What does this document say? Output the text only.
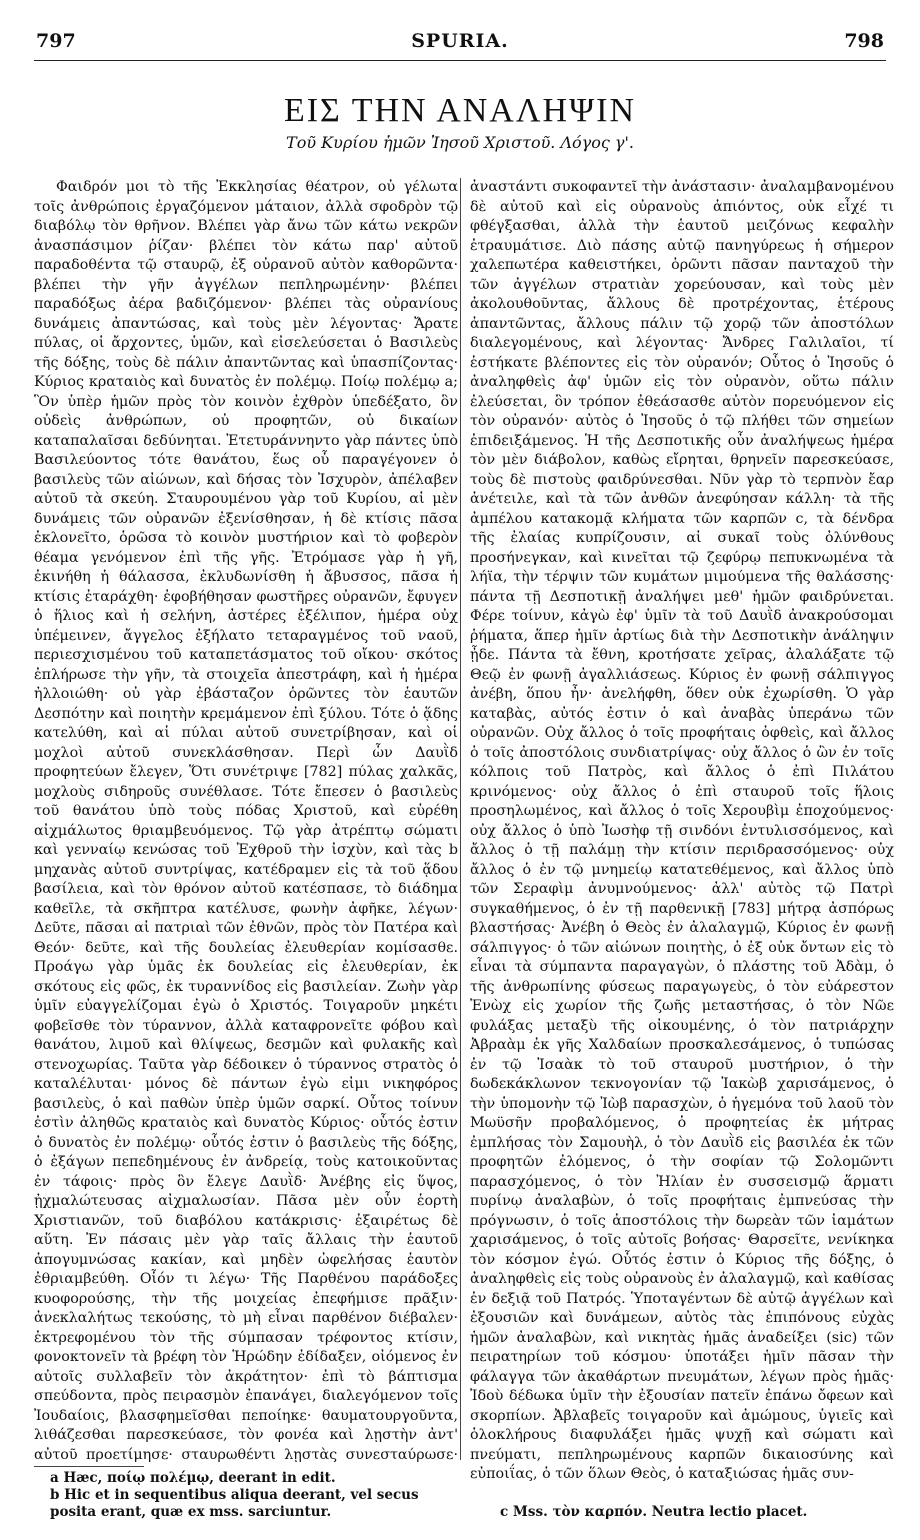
797	SPURIA.	798
ΕΙΣ ΤΗΝ ΑΝΑΛΗΨΙΝ
Τοῦ Κυρίου ἡμῶν Ἰησοῦ Χριστοῦ. Λόγος γ'.

Φαιδρόν μοι τὸ τῆς Ἐκκλησίας θέατρον, οὐ γέλωτα τοῖς ἀνθρώποις ἐργαζόμενον μάταιον, ἀλλὰ σφοδρὸν τῷ διαβόλῳ τὸν θρῆνον. Βλέπει γὰρ ἄνω τῶν κάτω νεκρῶν ἀνασπάσιμον ῥίζαν· βλέπει τὸν κάτω παρ' αὐτοῦ παραδοθέντα τῷ σταυρῷ, ἐξ οὐρανοῦ αὐτὸν καθορῶντα· βλέπει τὴν γῆν ἀγγέλων πεπληρωμένην· βλέπει παραδόξως ἀέρα βαδιζόμενον· βλέπει τὰς οὐρανίους δυνάμεις ἀπαντώσας, καὶ τοὺς μὲν λέγοντας· Ἄρατε πύλας, οἱ ἄρχοντες, ὑμῶν, καὶ εἰσελεύσεται ὁ Βασιλεὺς τῆς δόξης, τοὺς δὲ πάλιν ἀπαντῶντας καὶ ὑπασπίζοντας· Κύριος κραταιὸς καὶ δυνατὸς ἐν πολέμῳ. Ποίῳ πολέμῳ a; Ὃν ὑπὲρ ἡμῶν πρὸς τὸν κοινὸν ἐχθρὸν ὑπεδέξατο, ὃν οὐδεὶς ἀνθρώπων, οὐ προφητῶν, οὐ δικαίων καταπαλαῖσαι δεδύνηται. Ἐτετυράννηντο γὰρ πάντες ὑπὸ Βασιλεύοντος τότε θανάτου, ἕως οὗ παραγέγονεν ὁ βασιλεὺς τῶν αἰώνων, καὶ δήσας τὸν Ἰσχυρὸν, ἀπέλαβεν αὐτοῦ τὰ σκεύη. Σταυρουμένου γὰρ τοῦ Κυρίου, αἱ μὲν δυνάμεις τῶν οὐρανῶν ἐξενίσθησαν, ἡ δὲ κτίσις πᾶσα ἐκλονεῖτο, ὁρῶσα τὸ κοινὸν μυστήριον καὶ τὸ φοβερὸν θέαμα γενόμενον ἐπὶ τῆς γῆς. Ἐτρόμασε γὰρ ἡ γῆ, ἐκινήθη ἡ θάλασσα, ἐκλυδωνίσθη ἡ ἄβυσσος, πᾶσα ἡ κτίσις ἐταράχθη· ἐφοβήθησαν φωστῆρες οὐρανῶν, ἔφυγεν ὁ ἥλιος καὶ ἡ σελήνη, ἀστέρες ἐξέλιπον, ἡμέρα οὐχ ὑπέμεινεν, ἄγγελος ἐξήλατο τεταραγμένος τοῦ ναοῦ, περιεσχισμένου τοῦ καταπετάσματος τοῦ οἴκου· σκότος ἐπλήρωσε τὴν γῆν, τὰ στοιχεῖα ἀπεστράφη, καὶ ἡ ἡμέρα ἠλλοιώθη· οὐ γὰρ ἐβάσταζον ὁρῶντες τὸν ἑαυτῶν Δεσπότην καὶ ποιητὴν κρεμάμενον ἐπὶ ξύλου. Τότε ὁ ᾅδης κατελύθη, καὶ αἱ πύλαι αὐτοῦ συνετρίβησαν, καὶ οἱ μοχλοὶ αὐτοῦ συνεκλάσθησαν. Περὶ ὧν Δαυῒδ προφητεύων ἔλεγεν, Ὅτι συνέτριψε [782] πύλας χαλκᾶς, μοχλοὺς σιδηροῦς συνέθλασε. Τότε ἔπεσεν ὁ βασιλεὺς τοῦ θανάτου ὑπὸ τοὺς πόδας Χριστοῦ, καὶ εὑρέθη αἰχμάλωτος θριαμβευόμενος. Τῷ γὰρ ἀτρέπτῳ σώματι καὶ γενναίῳ κενώσας τοῦ Ἐχθροῦ τὴν ἰσχὺν, καὶ τὰς b μηχανὰς αὐτοῦ συντρίψας, κατέδραμεν εἰς τὰ τοῦ ᾅδου βασίλεια, καὶ τὸν θρόνον αὐτοῦ κατέσπασε, τὸ διάδημα καθεῖλε, τὰ σκῆπτρα κατέλυσε, φωνὴν ἀφῆκε, λέγων· Δεῦτε, πᾶσαι αἱ πατριαὶ τῶν ἐθνῶν, πρὸς τὸν Πατέρα καὶ Θεόν· δεῦτε, καὶ τῆς δουλείας ἐλευθερίαν κομίσασθε. Προάγω γὰρ ὑμᾶς ἐκ δουλείας εἰς ἐλευθερίαν, ἐκ σκότους εἰς φῶς, ἐκ τυραννίδος εἰς βασιλείαν. Ζωὴν γὰρ ὑμῖν εὐαγγελίζομαι ἐγὼ ὁ Χριστός. Τοιγαροῦν μηκέτι φοβεῖσθε τὸν τύραννον, ἀλλὰ καταφρονεῖτε φόβου καὶ θανάτου, λιμοῦ καὶ θλίψεως, δεσμῶν καὶ φυλακῆς καὶ στενοχωρίας. Ταῦτα γὰρ δέδοικεν ὁ τύραννος στρατὸς ὁ καταλέλυται· μόνος δὲ πάντων ἐγὼ εἰμι νικηφόρος βασιλεὺς, ὁ καὶ παθὼν ὑπὲρ ὑμῶν σαρκί. Οὗτος τοίνυν ἐστὶν ἀληθῶς κραταιὸς καὶ δυνατὸς Κύριος· οὗτός ἐστιν ὁ δυνατὸς ἐν πολέμῳ· οὗτός ἐστιν ὁ βασιλεὺς τῆς δόξης, ὁ ἐξάγων πεπεδημένους ἐν ἀνδρείᾳ, τοὺς κατοικοῦντας ἐν τάφοις· πρὸς ὃν ἔλεγε Δαυῒδ· Ἀνέβης εἰς ὕψος, ᾐχμαλώτευσας αἰχμαλωσίαν. Πᾶσα μὲν οὖν ἑορτὴ Χριστιανῶν, τοῦ διαβόλου κατάκρισις· ἐξαιρέτως δὲ αὕτη. Ἐν πάσαις μὲν γὰρ ταῖς ἄλλαις τὴν ἑαυτοῦ ἀπογυμνώσας κακίαν, καὶ μηδὲν ὠφελήσας ἑαυτὸν ἐθριαμβεύθη. Οἷόν τι λέγω· Τῆς Παρθένου παράδοξες κυοφορούσης, τὴν τῆς μοιχείας ἐπεφήμισε πρᾶξιν· ἀνεκλαλήτως τεκούσης, τὸ μὴ εἶναι παρθένον διέβαλεν· ἐκτρεφομένου τὸν τῆς σύμπασαν τρέφοντος κτίσιν, φονοκτονεῖν τὰ βρέφη τὸν Ἡρώδην ἐδίδαξεν, οἰόμενος ἐν αὐτοῖς συλλαβεῖν τὸν ἀκράτητον· ἐπὶ τὸ βάπτισμα σπεύδοντα, πρὸς πειρασμὸν ἐπανάγει, διαλεγόμενον τοῖς Ἰουδαίοις, βλασφημεῖσθαι πεποίηκε· θαυματουργοῦντα, λιθάζεσθαι παρεσκεύασε, τὸν φονέα καὶ λῃστὴν ἀντ' αὐτοῦ προετίμησε· σταυρωθέντι λῃστὰς συνεσταύρωσε·

ἀναστάντι συκοφαντεῖ τὴν ἀνάστασιν· ἀναλαμβανομένου δὲ αὐτοῦ καὶ εἰς οὐρανοὺς ἀπιόντος, οὐκ εἶχέ τι φθέγξασθαι, ἀλλὰ τὴν ἑαυτοῦ μειζόνως κεφαλὴν ἐτραυμάτισε. Διὸ πάσης αὐτῷ πανηγύρεως ἡ σήμερον χαλεπωτέρα καθειστήκει, ὁρῶντι πᾶσαν πανταχοῦ τὴν τῶν ἀγγέλων στρατιὰν χορεύουσαν, καὶ τοὺς μὲν ἀκολουθοῦντας, ἄλλους δὲ προτρέχοντας, ἑτέρους ἀπαντῶντας, ἄλλους πάλιν τῷ χορῷ τῶν ἀποστόλων διαλεγομένους, καὶ λέγοντας· Ἄνδρες Γαλιλαῖοι, τί ἑστήκατε βλέποντες εἰς τὸν οὐρανόν; Οὗτος ὁ Ἰησοῦς ὁ ἀναληφθεὶς ἀφ' ὑμῶν εἰς τὸν οὐρανὸν, οὕτω πάλιν ἐλεύσεται, ὃν τρόπον ἐθεάσασθε αὐτὸν πορευόμενον εἰς τὸν οὐρανόν· αὐτὸς ὁ Ἰησοῦς ὁ τῷ πλήθει τῶν σημείων ἐπιδειξάμενος. Ἡ τῆς Δεσποτικῆς οὖν ἀναλήψεως ἡμέρα τὸν μὲν διάβολον, καθὼς εἴρηται, θρηνεῖν παρεσκεύασε, τοὺς δὲ πιστοὺς φαιδρύνεσθαι. Νῦν γὰρ τὸ τερπνὸν ἔαρ ἀνέτειλε, καὶ τὰ τῶν ἀνθῶν ἀνεφύησαν κάλλη· τὰ τῆς ἀμπέλου κατακομᾷ κλήματα τῶν καρπῶν c, τὰ δένδρα τῆς ἐλαίας κυπρίζουσιν, αἱ συκαῖ τοὺς ὀλύνθους προσήνεγκαν, καὶ κινεῖται τῷ ζεφύρῳ πεπυκνωμένα τὰ λήϊα, τὴν τέρψιν τῶν κυμάτων μιμούμενα τῆς θαλάσσης· πάντα τῇ Δεσποτικῇ ἀναλήψει μεθ' ἡμῶν φαιδρύνεται. Φέρε τοίνυν, κἀγὼ ἐφ' ὑμῖν τὰ τοῦ Δαυῒδ ἀνακρούσομαι ῥήματα, ἅπερ ἡμῖν ἀρτίως διὰ τὴν Δεσποτικὴν ἀνάληψιν ᾖδε. Πάντα τὰ ἔθνη, κροτήσατε χεῖρας, ἀλαλάξατε τῷ Θεῷ ἐν φωνῇ ἀγαλλιάσεως. Κύριος ἐν φωνῇ σάλπιγγος ἀνέβη, ὅπου ἦν· ἀνελήφθη, ὅθεν οὐκ ἐχωρίσθη. Ὁ γὰρ καταβὰς, αὐτός ἐστιν ὁ καὶ ἀναβὰς ὑπεράνω τῶν οὐρανῶν. Οὐχ ἄλλος ὁ τοῖς προφήταις ὀφθεὶς, καὶ ἄλλος ὁ τοῖς ἀποστόλοις συνδιατρίψας· οὐχ ἄλλος ὁ ὢν ἐν τοῖς κόλποις τοῦ Πατρὸς, καὶ ἄλλος ὁ ἐπὶ Πιλάτου κρινόμενος· οὐχ ἄλλος ὁ ἐπὶ σταυροῦ τοῖς ἥλοις προσηλωμένος, καὶ ἄλλος ὁ τοῖς Χερουβὶμ ἐποχούμενος· οὐχ ἄλλος ὁ ὑπὸ Ἰωσὴφ τῇ σινδόνι ἐντυλισσόμενος, καὶ ἄλλος ὁ τῇ παλάμῃ τὴν κτίσιν περιδρασσόμενος· οὐχ ἄλλος ὁ ἐν τῷ μνημείῳ κατατεθέμενος, καὶ ἄλλος ὑπὸ τῶν Σεραφὶμ ἀνυμνούμενος· ἀλλ' αὐτὸς τῷ Πατρὶ συγκαθήμενος, ὁ ἐν τῇ παρθενικῇ [783] μήτρᾳ ἀσπόρως βλαστήσας· Ἀνέβη ὁ Θεὸς ἐν ἀλαλαγμῷ, Κύριος ἐν φωνῇ σάλπιγγος· ὁ τῶν αἰώνων ποιητὴς, ὁ ἐξ οὐκ ὄντων εἰς τὸ εἶναι τὰ σύμπαντα παραγαγὼν, ὁ πλάστης τοῦ Ἀδὰμ, ὁ τῆς ἀνθρωπίνης φύσεως παραγωγεὺς, ὁ τὸν εὐάρεστον Ἐνὼχ εἰς χωρίον τῆς ζωῆς μεταστήσας, ὁ τὸν Νῶε φυλάξας μεταξὺ τῆς οἰκουμένης, ὁ τὸν πατριάρχην Ἀβραὰμ ἐκ γῆς Χαλδαίων προσκαλεσάμενος, ὁ τυπώσας ἐν τῷ Ἰσαὰκ τὸ τοῦ σταυροῦ μυστήριον, ὁ τὴν δωδεκάκλωνον τεκνογονίαν τῷ Ἰακὼβ χαρισάμενος, ὁ τὴν ὑπομονὴν τῷ Ἰὼβ παρασχὼν, ὁ ἡγεμόνα τοῦ λαοῦ τὸν Μωϋσῆν προβαλόμενος, ὁ προφητείας ἐκ μήτρας ἐμπλήσας τὸν Σαμουὴλ, ὁ τὸν Δαυῒδ εἰς βασιλέα ἐκ τῶν προφητῶν ἐλόμενος, ὁ τὴν σοφίαν τῷ Σολομῶντι παρασχόμενος, ὁ τὸν Ἠλίαν ἐν συσσεισμῷ ἅρματι πυρίνῳ ἀναλαβὼν, ὁ τοῖς προφήταις ἐμπνεύσας τὴν πρόγνωσιν, ὁ τοῖς ἀποστόλοις τὴν δωρεὰν τῶν ἰαμάτων χαρισάμενος, ὁ τοῖς αὐτοῖς βοήσας· Θαρσεῖτε, νενίκηκα τὸν κόσμον ἐγώ. Οὗτός ἐστιν ὁ Κύριος τῆς δόξης, ὁ ἀναληφθεὶς εἰς τοὺς οὐρανοὺς ἐν ἀλαλαγμῷ, καὶ καθίσας ἐν δεξιᾷ τοῦ Πατρός. Ὑποταγέντων δὲ αὐτῷ ἀγγέλων καὶ ἐξουσιῶν καὶ δυνάμεων, αὐτὸς τὰς ἐπιπόνους εὐχὰς ἡμῶν ἀναλαβὼν, καὶ νικητὰς ἡμᾶς ἀναδείξει (sic) τῶν πειρατηρίων τοῦ κόσμου· ὑποτάξει ἡμῖν πᾶσαν τὴν φάλαγγα τῶν ἀκαθάρτων πνευμάτων, λέγων πρὸς ἡμᾶς· Ἰδοὺ δέδωκα ὑμῖν τὴν ἐξουσίαν πατεῖν ἐπάνω ὄφεων καὶ σκορπίων. Ἀβλαβεῖς τοιγαροῦν καὶ ἀμώμους, ὑγιεῖς καὶ ὁλοκλήρους διαφυλάξει ἡμᾶς ψυχῇ καὶ σώματι καὶ πνεύματι, πεπληρωμένους καρπῶν δικαιοσύνης καὶ εὐποιΐας, ὁ τῶν ὅλων Θεὸς, ὁ καταξιώσας ἡμᾶς συν-

a Hæc, ποίῳ πολέμῳ, deerant in edit.
b Hic et in sequentibus aliqua deerant, vel secus posita erant, quæ ex mss. sarciuntur.	c Mss. τὸν καρπόν. Neutra lectio placet.
